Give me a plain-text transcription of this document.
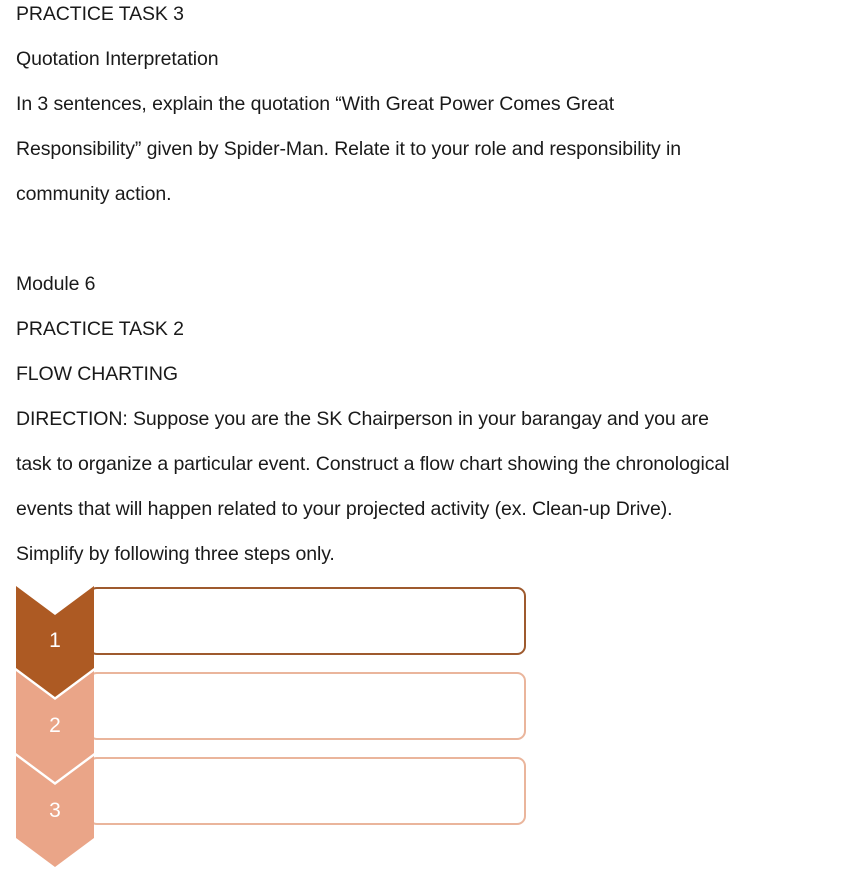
PRACTICE TASK 3
Quotation Interpretation
In 3 sentences, explain the quotation “With Great Power Comes Great
Responsibility” given by Spider-Man. Relate it to your role and responsibility in
community action.
Module 6
PRACTICE TASK 2
FLOW CHARTING
DIRECTION: Suppose you are the SK Chairperson in your barangay and you are
task to organize a particular event. Construct a flow chart showing the chronological
events that will happen related to your projected activity (ex. Clean-up Drive).
Simplify by following three steps only.
1
2
3
